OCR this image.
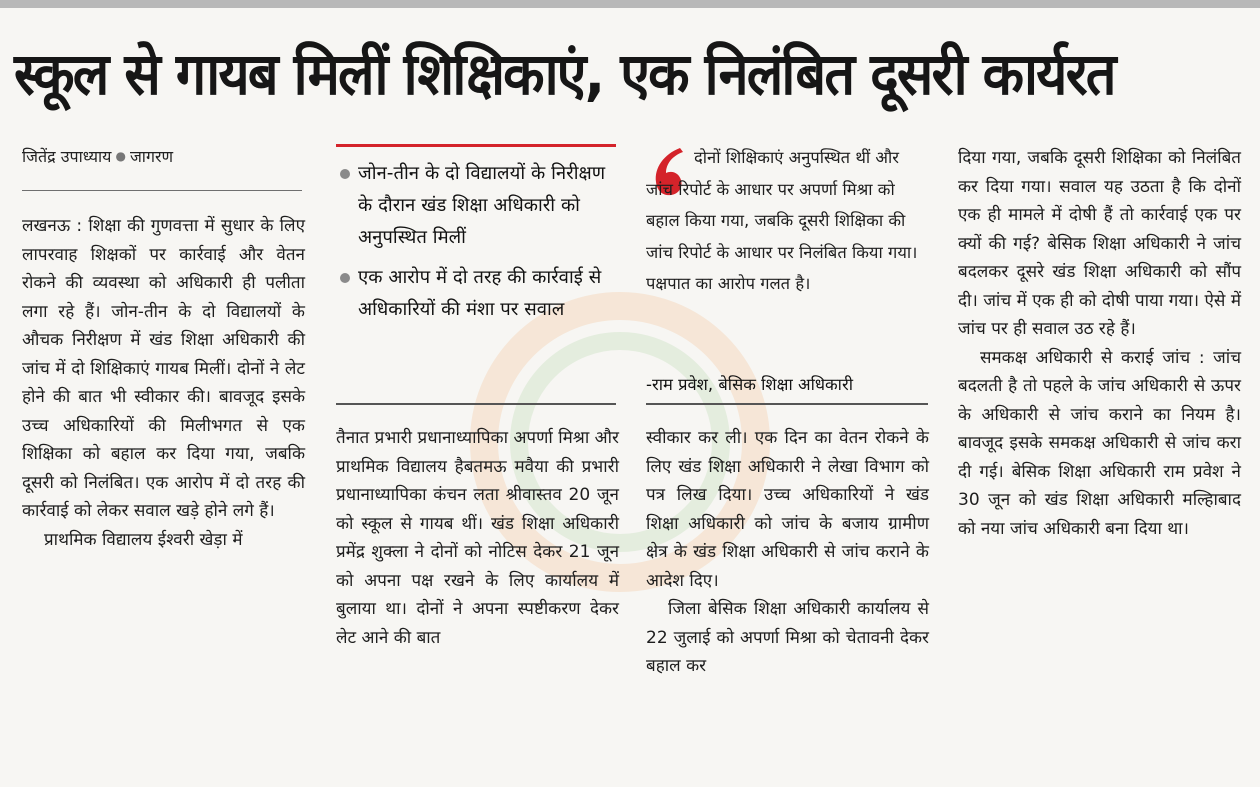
स्कूल से गायब मिलीं शिक्षिकाएं, एक निलंबित दूसरी कार्यरत
जितेंद्र उपाध्याय ● जागरण

लखनऊ : शिक्षा की गुणवत्ता में सुधार के लिए लापरवाह शिक्षकों पर कार्रवाई और वेतन रोकने की व्यवस्था को अधिकारी ही पलीता लगा रहे हैं। जोन-तीन के दो विद्यालयों के औचक निरीक्षण में खंड शिक्षा अधिकारी की जांच में दो शिक्षिकाएं गायब मिलीं। दोनों ने लेट होने की बात भी स्वीकार की। बावजूद इसके उच्च अधिकारियों की मिलीभगत से एक शिक्षिका को बहाल कर दिया गया, जबकि दूसरी को निलंबित। एक आरोप में दो तरह की कार्रवाई को लेकर सवाल खड़े होने लगे हैं।

प्राथमिक विद्यालय ईश्वरी खेड़ा में

जोन-तीन के दो विद्यालयों के निरीक्षण के दौरान खंड शिक्षा अधिकारी को अनुपस्थित मिलीं
एक आरोप में दो तरह की कार्रवाई से अधिकारियों की मंशा पर सवाल

तैनात प्रभारी प्रधानाध्यापिका अपर्णा मिश्रा और प्राथमिक विद्यालय हैबतमऊ मवैया की प्रभारी प्रधानाध्यापिका कंचन लता श्रीवास्तव 20 जून को स्कूल से गायब थीं। खंड शिक्षा अधिकारी प्रमेंद्र शुक्ला ने दोनों को नोटिस देकर 21 जून को अपना पक्ष रखने के लिए कार्यालय में बुलाया था। दोनों ने अपना स्पष्टीकरण देकर लेट आने की बात

दोनों शिक्षिकाएं अनुपस्थित थीं और जांच रिपोर्ट के आधार पर अपर्णा मिश्रा को बहाल किया गया, जबकि दूसरी शिक्षिका की जांच रिपोर्ट के आधार पर निलंबित किया गया। पक्षपात का आरोप गलत है।

-राम प्रवेश, बेसिक शिक्षा अधिकारी

स्वीकार कर ली। एक दिन का वेतन रोकने के लिए खंड शिक्षा अधिकारी ने लेखा विभाग को पत्र लिख दिया। उच्च अधिकारियों ने खंड शिक्षा अधिकारी को जांच के बजाय ग्रामीण क्षेत्र के खंड शिक्षा अधिकारी से जांच कराने के आदेश दिए।

जिला बेसिक शिक्षा अधिकारी कार्यालय से 22 जुलाई को अपर्णा मिश्रा को चेतावनी देकर बहाल कर

दिया गया, जबकि दूसरी शिक्षिका को निलंबित कर दिया गया। सवाल यह उठता है कि दोनों एक ही मामले में दोषी हैं तो कार्रवाई एक पर क्यों की गई? बेसिक शिक्षा अधिकारी ने जांच बदलकर दूसरे खंड शिक्षा अधिकारी को सौंप दी। जांच में एक ही को दोषी पाया गया। ऐसे में जांच पर ही सवाल उठ रहे हैं।

समकक्ष अधिकारी से कराई जांच : जांच बदलती है तो पहले के जांच अधिकारी से ऊपर के अधिकारी से जांच कराने का नियम है। बावजूद इसके समकक्ष अधिकारी से जांच करा दी गई। बेसिक शिक्षा अधिकारी राम प्रवेश ने 30 जून को खंड शिक्षा अधिकारी मल्हिाबाद को नया जांच अधिकारी बना दिया था।
